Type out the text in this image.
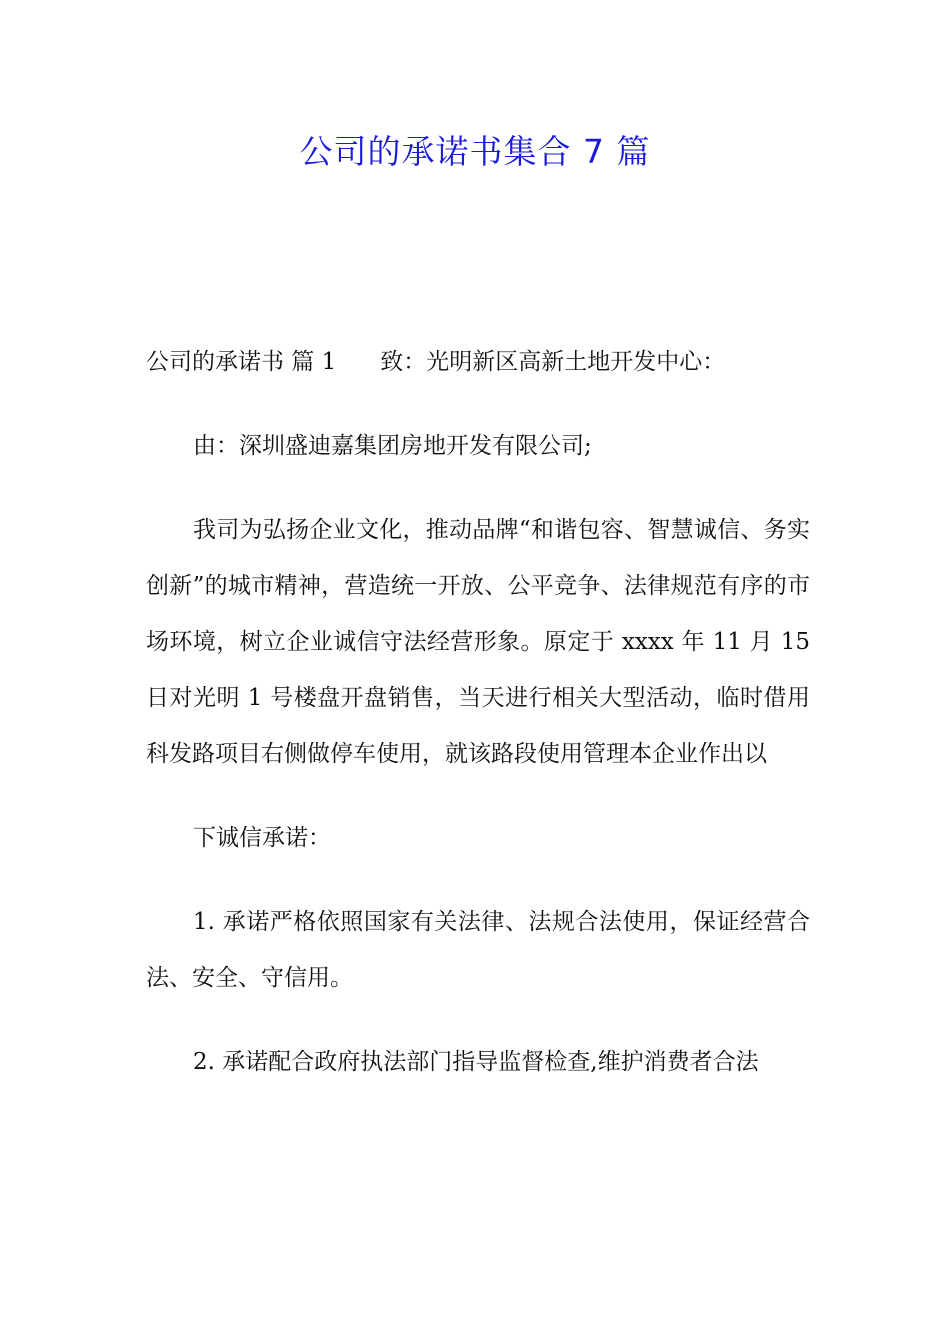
公司的承诺书集合 7 篇

公司的承诺书 篇 1 致：光明新区高新土地开发中心：

由：深圳盛迪嘉集团房地开发有限公司;

我司为弘扬企业文化，推动品牌“和谐包容、智慧诚信、务实创新”的城市精神，营造统一开放、公平竞争、法律规范有序的市场环境，树立企业诚信守法经营形象。原定于 xxxx 年 11 月 15 日对光明 1 号楼盘开盘销售，当天进行相关大型活动，临时借用科发路项目右侧做停车使用，就该路段使用管理本企业作出以

下诚信承诺：

1. 承诺严格依照国家有关法律、法规合法使用，保证经营合法、安全、守信用。

2. 承诺配合政府执法部门指导监督检查,维护消费者合法
